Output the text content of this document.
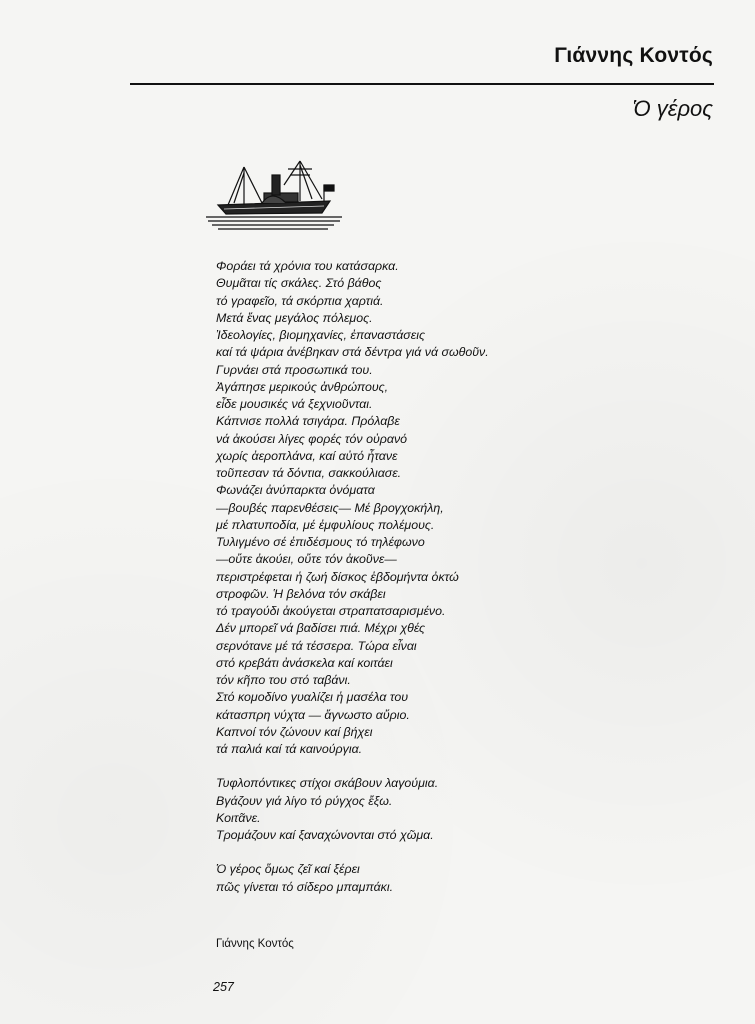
Γιάννης Κοντός
Ὁ γέρος
Φοράει τά χρόνια του κατάσαρκα.
Θυμᾶται τίς σκάλες. Στό βάθος
τό γραφεῖο, τά σκόρπια χαρτιά.
Μετά ἕνας μεγάλος πόλεμος.
Ἰδεολογίες, βιομηχανίες, ἐπαναστάσεις
καί τά ψάρια ἀνέβηκαν στά δέντρα γιά νά σωθοῦν.
Γυρνάει στά προσωπικά του.
Ἀγάπησε μερικούς ἀνθρώπους,
εἶδε μουσικές νά ξεχνιοῦνται.
Κάπνισε πολλά τσιγάρα. Πρόλαβε
νά ἀκούσει λίγες φορές τόν οὐρανό
χωρίς ἀεροπλάνα, καί αὐτό ἦτανε
τοῦπεσαν τά δόντια, σακκούλιασε.
Φωνάζει ἀνύπαρκτα ὀνόματα
—βουβές παρενθέσεις— Μέ βρογχοκήλη,
μέ πλατυποδία, μέ ἐμφυλίους πολέμους.
Τυλιγμένο σέ ἐπιδέσμους τό τηλέφωνο
—οὔτε ἀκούει, οὔτε τόν ἀκοῦνε—
περιστρέφεται ἡ ζωή δίσκος ἑβδομήντα ὀκτώ
στροφῶν. Ἡ βελόνα τόν σκάβει
τό τραγούδι ἀκούγεται στραπατσαρισμένο.
Δέν μπορεῖ νά βαδίσει πιά. Μέχρι χθές
σερνότανε μέ τά τέσσερα. Τώρα εἶναι
στό κρεβάτι ἀνάσκελα καί κοιτάει
τόν κῆπο του στό ταβάνι.
Στό κομοδίνο γυαλίζει ἡ μασέλα του
κάτασπρη νύχτα — ἄγνωστο αὔριο.
Καπνοί τόν ζώνουν καί βήχει
τά παλιά καί τά καινούργια.
Τυφλοπόντικες στίχοι σκάβουν λαγούμια.
Βγάζουν γιά λίγο τό ρύγχος ἔξω.
Κοιτᾶνε.
Τρομάζουν καί ξαναχώνονται στό χῶμα.
Ὁ γέρος ὅμως ζεῖ καί ξέρει
πῶς γίνεται τό σίδερο μπαμπάκι.
Γιάννης Κοντός
257
